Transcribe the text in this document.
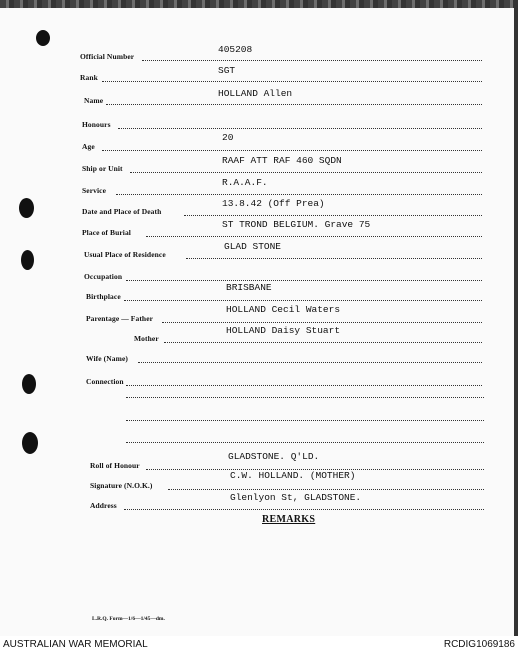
Official Number
405208
Rank
SGT
Name
HOLLAND Allen
Honours
Age
20
Ship or Unit
RAAF ATT RAF 460 SQDN
Service
R.A.A.F.
Date and Place of Death
13.8.42 (Off Prea)
Place of Burial
ST TROND BELGIUM. Grave 75
Usual Place of Residence
GLAD STONE
Occupation
Birthplace
BRISBANE
Parentage — Father
HOLLAND Cecil Waters
Mother
HOLLAND Daisy Stuart
Wife (Name)
Connection
Roll of Honour
GLADSTONE. Q'LD.
Signature (N.O.K.)
C.W. HOLLAND. (MOTHER)
Address
Glenlyon St, GLADSTONE.
REMARKS
L.R.Q. Form—1/6—1/45—dm.
AUSTRALIAN WAR MEMORIAL	RCDIG1069186
